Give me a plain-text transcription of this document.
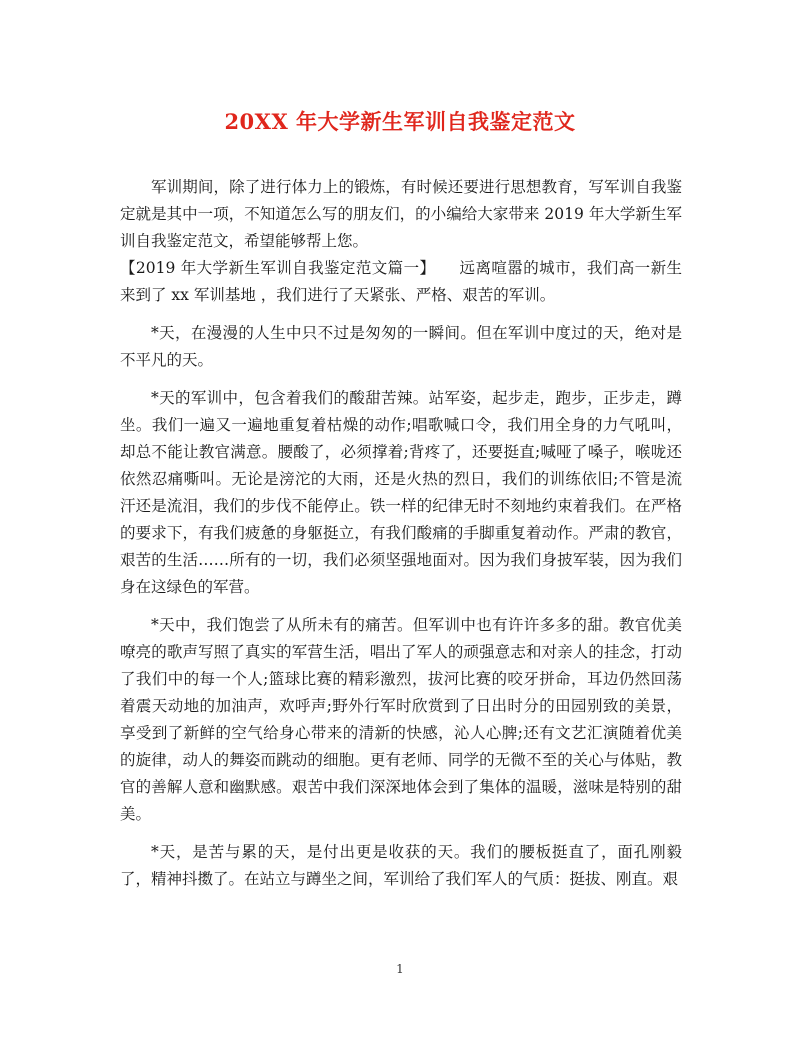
20XX 年大学新生军训自我鉴定范文

军训期间，除了进行体力上的锻炼，有时候还要进行思想教育，写军训自我鉴定就是其中一项，不知道怎么写的朋友们，的小编给大家带来 2019 年大学新生军训自我鉴定范文，希望能够帮上您。

【2019 年大学新生军训自我鉴定范文篇一】　　远离喧嚣的城市，我们高一新生来到了 xx 军训基地 ，我们进行了天紧张、严格、艰苦的军训。

*天，在漫漫的人生中只不过是匆匆的一瞬间。但在军训中度过的天，绝对是不平凡的天。

*天的军训中，包含着我们的酸甜苦辣。站军姿，起步走，跑步，正步走，蹲坐。我们一遍又一遍地重复着枯燥的动作;唱歌喊口令，我们用全身的力气吼叫，却总不能让教官满意。腰酸了，必须撑着;背疼了，还要挺直;喊哑了嗓子，喉咙还依然忍痛嘶叫。无论是滂沱的大雨，还是火热的烈日，我们的训练依旧;不管是流汗还是流泪，我们的步伐不能停止。铁一样的纪律无时不刻地约束着我们。在严格的要求下，有我们疲惫的身躯挺立，有我们酸痛的手脚重复着动作。严肃的教官，艰苦的生活……所有的一切，我们必须坚强地面对。因为我们身披军装，因为我们身在这绿色的军营。

*天中，我们饱尝了从所未有的痛苦。但军训中也有许许多多的甜。教官优美嘹亮的歌声写照了真实的军营生活，唱出了军人的顽强意志和对亲人的挂念，打动了我们中的每一个人;篮球比赛的精彩激烈，拔河比赛的咬牙拼命，耳边仍然回荡着震天动地的加油声，欢呼声;野外行军时欣赏到了日出时分的田园别致的美景，享受到了新鲜的空气给身心带来的清新的快感，沁人心脾;还有文艺汇演随着优美的旋律，动人的舞姿而跳动的细胞。更有老师、同学的无微不至的关心与体贴，教官的善解人意和幽默感。艰苦中我们深深地体会到了集体的温暖，滋味是特别的甜美。

*天，是苦与累的天，是付出更是收获的天。我们的腰板挺直了，面孔刚毅了，精神抖擞了。在站立与蹲坐之间，军训给了我们军人的气质：挺拔、刚直。艰

1
